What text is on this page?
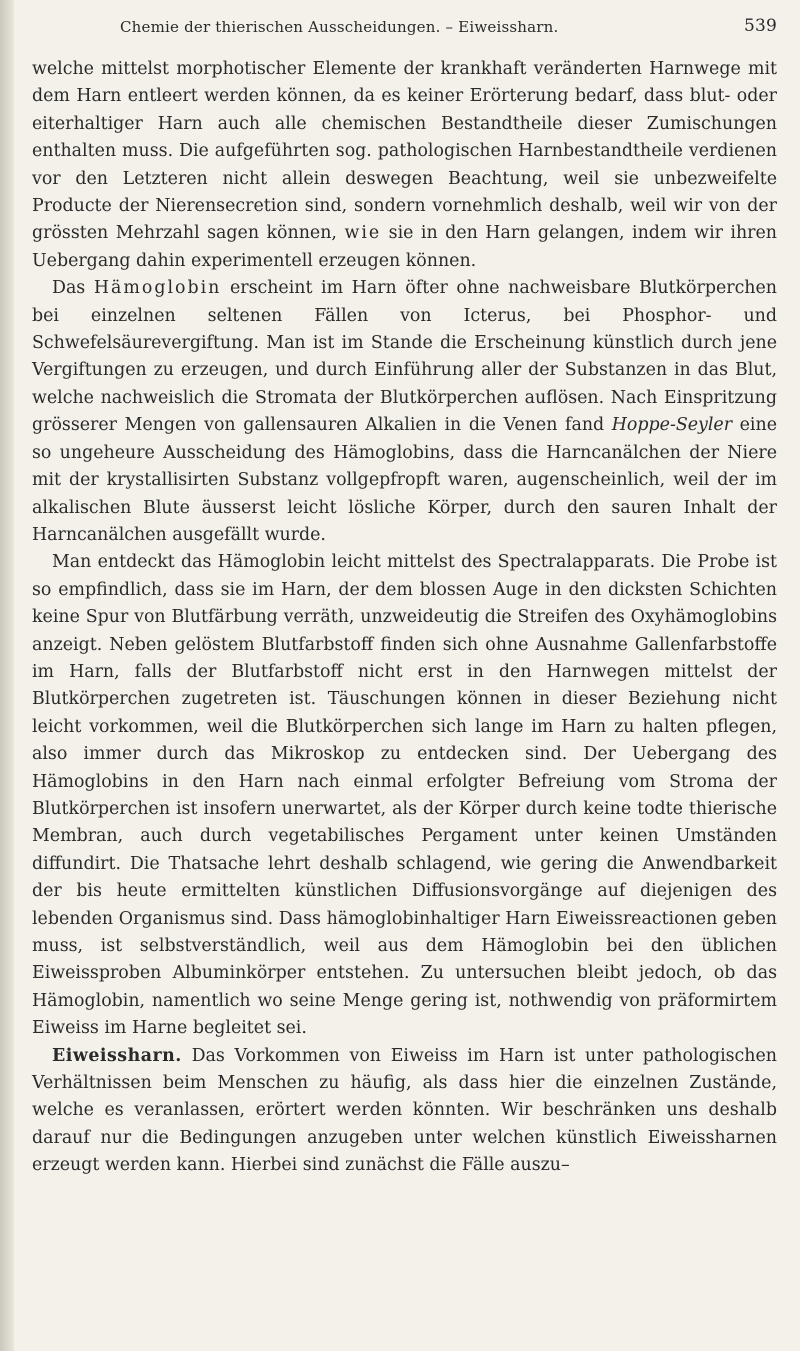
Chemie der thierischen Ausscheidungen. – Eiweissharn.	539

welche mittelst morphotischer Elemente der krankhaft veränderten Harnwege mit dem Harn entleert werden können, da es keiner Erörterung bedarf, dass blut- oder eiterhaltiger Harn auch alle chemischen Bestandtheile dieser Zumischungen enthalten muss. Die aufgeführten sog. pathologischen Harnbestandtheile verdienen vor den Letzteren nicht allein deswegen Beachtung, weil sie unbezweifelte Producte der Nierensecretion sind, sondern vornehmlich deshalb, weil wir von der grössten Mehrzahl sagen können, wie sie in den Harn gelangen, indem wir ihren Uebergang dahin experimentell erzeugen können.

Das Hämoglobin erscheint im Harn öfter ohne nachweisbare Blutkörperchen bei einzelnen seltenen Fällen von Icterus, bei Phosphor- und Schwefelsäurevergiftung. Man ist im Stande die Erscheinung künstlich durch jene Vergiftungen zu erzeugen, und durch Einführung aller der Substanzen in das Blut, welche nachweislich die Stromata der Blutkörperchen auflösen. Nach Einspritzung grösserer Mengen von gallensauren Alkalien in die Venen fand Hoppe-Seyler eine so ungeheure Ausscheidung des Hämoglobins, dass die Harncanälchen der Niere mit der krystallisirten Substanz vollgepfropft waren, augenscheinlich, weil der im alkalischen Blute äusserst leicht lösliche Körper, durch den sauren Inhalt der Harncanälchen ausgefällt wurde.

Man entdeckt das Hämoglobin leicht mittelst des Spectralapparats. Die Probe ist so empfindlich, dass sie im Harn, der dem blossen Auge in den dicksten Schichten keine Spur von Blutfärbung verräth, unzweideutig die Streifen des Oxyhämoglobins anzeigt. Neben gelöstem Blutfarbstoff finden sich ohne Ausnahme Gallenfarbstoffe im Harn, falls der Blutfarbstoff nicht erst in den Harnwegen mittelst der Blutkörperchen zugetreten ist. Täuschungen können in dieser Beziehung nicht leicht vorkommen, weil die Blutkörperchen sich lange im Harn zu halten pflegen, also immer durch das Mikroskop zu entdecken sind. Der Uebergang des Hämoglobins in den Harn nach einmal erfolgter Befreiung vom Stroma der Blutkörperchen ist insofern unerwartet, als der Körper durch keine todte thierische Membran, auch durch vegetabilisches Pergament unter keinen Umständen diffundirt. Die Thatsache lehrt deshalb schlagend, wie gering die Anwendbarkeit der bis heute ermittelten künstlichen Diffusionsvorgänge auf diejenigen des lebenden Organismus sind. Dass hämoglobinhaltiger Harn Eiweissreactionen geben muss, ist selbstverständlich, weil aus dem Hämoglobin bei den üblichen Eiweissproben Albuminkörper entstehen. Zu untersuchen bleibt jedoch, ob das Hämoglobin, namentlich wo seine Menge gering ist, nothwendig von präformirtem Eiweiss im Harne begleitet sei.

Eiweissharn. Das Vorkommen von Eiweiss im Harn ist unter pathologischen Verhältnissen beim Menschen zu häufig, als dass hier die einzelnen Zustände, welche es veranlassen, erörtert werden könnten. Wir beschränken uns deshalb darauf nur die Bedingungen anzugeben unter welchen künstlich Eiweissharnen erzeugt werden kann. Hierbei sind zunächst die Fälle auszu–
